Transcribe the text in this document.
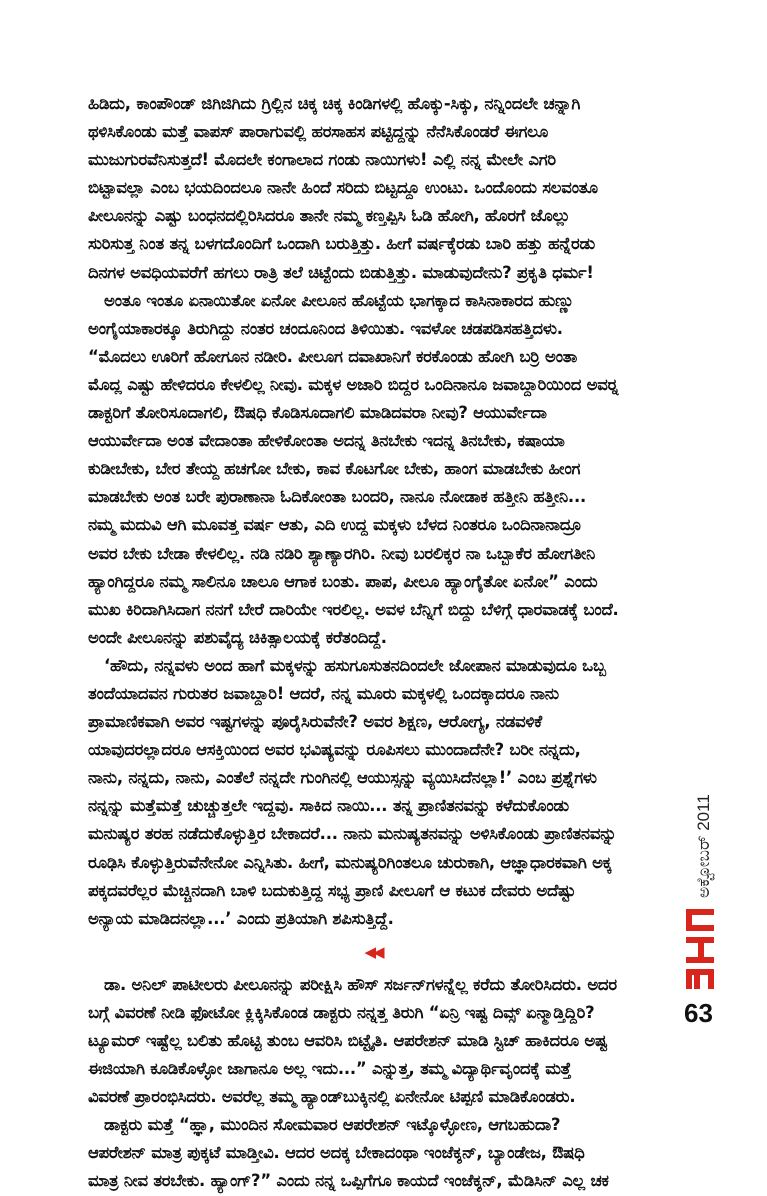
ಹಿಡಿದು, ಕಾಂಪೌಂಡ್ ಜಿಗಿಜಿಗಿದು ಗ್ರಿಲ್ಲಿನ ಚಿಕ್ಕ ಚಿಕ್ಕ ಕಿಂಡಿಗಳಲ್ಲಿ ಹೊಕ್ಕು-ಸಿಕ್ಕು, ನನ್ನಿಂದಲೇ ಚನ್ನಾಗಿ
ಥಳಿಸಿಕೊಂಡು ಮತ್ತೆ ವಾಪಸ್ ಪಾರಾಗುವಲ್ಲಿ ಹರಸಾಹಸ ಪಟ್ಟಿದ್ದನ್ನು ನೆನೆಸಿಕೊಂಡರೆ ಈಗಲೂ
ಮುಜುಗುರವೆನಿಸುತ್ತದೆ! ಮೊದಲೇ ಕಂಗಾಲಾದ ಗಂಡು ನಾಯಿಗಳು! ಎಲ್ಲಿ ನನ್ನ ಮೇಲೇ ಎಗರಿ
ಬಿಟ್ಟಾವಲ್ಲಾ ಎಂಬ ಭಯದಿಂದಲೂ ನಾನೇ ಹಿಂದೆ ಸರಿದು ಬಿಟ್ಟದ್ದೂ ಉಂಟು. ಒಂದೊಂದು ಸಲವಂತೂ
ಪೀಲೂನನ್ನು ಎಷ್ಟು ಬಂಧನದಲ್ಲಿರಿಸಿದರೂ ತಾನೇ ನಮ್ಮ ಕಣ್ತಪ್ಪಿಸಿ ಓಡಿ ಹೋಗಿ, ಹೊರಗೆ ಜೊಲ್ಲು
ಸುರಿಸುತ್ತ ನಿಂತ ತನ್ನ ಬಳಗದೊಂದಿಗೆ ಒಂದಾಗಿ ಬರುತ್ತಿತ್ತು. ಹೀಗೆ ವರ್ಷಕ್ಕೆರಡು ಬಾರಿ ಹತ್ತು ಹನ್ನೆರಡು
ದಿನಗಳ ಅವಧಿಯವರೆಗೆ ಹಗಲು ರಾತ್ರಿ ತಲೆ ಚಿಟ್ಟೆಂದು ಬಿಡುತ್ತಿತ್ತು. ಮಾಡುವುದೇನು? ಪ್ರಕೃತಿ ಧರ್ಮ!
ಅಂತೂ ಇಂತೂ ಏನಾಯಿತೋ ಏನೋ ಪೀಲೂನ ಹೊಟ್ಟೆಯ ಭಾಗಕ್ಕಾದ ಕಾಸಿನಾಕಾರದ ಹುಣ್ಣು
ಅಂಗೈಯಾಕಾರಕ್ಕೂ ತಿರುಗಿದ್ದು ನಂತರ ಚಂದೂನಿಂದ ತಿಳಿಯಿತು. ಇವಳೋ ಚಡಪಡಿಸಹತ್ತಿದಳು.
“ಮೊದಲು ಊರಿಗೆ ಹೋಗೂನ ನಡೀರಿ. ಪೀಲೂಗ ದವಾಖಾನಿಗೆ ಕರಕೊಂಡು ಹೋಗಿ ಬರ್ರಿ ಅಂತಾ
ಮೊದ್ಲ ಎಷ್ಟು ಹೇಳಿದರೂ ಕೇಳಲಿಲ್ಲ ನೀವು. ಮಕ್ಕಳ ಅಜಾರಿ ಬಿದ್ದರ ಒಂದಿನಾನೂ ಜವಾಬ್ದಾರಿಯಿಂದ ಅವರ್‍ನ
ಡಾಕ್ಟರಿಗೆ ತೋರಿಸೂದಾಗಲಿ, ಔಷಧಿ ಕೊಡಿಸೂದಾಗಲಿ ಮಾಡಿದವರಾ ನೀವು? ಆಯುರ್ವೇದಾ
ಆಯುರ್ವೇದಾ ಅಂತ ವೇದಾಂತಾ ಹೇಳಿಕೋಂತಾ ಅದನ್ನ ತಿನಬೇಕು ಇದನ್ನ ತಿನಬೇಕು, ಕಷಾಯಾ
ಕುಡೀಬೇಕು, ಬೇರ ತೇಯ್ದ ಹಚಗೋ ಬೇಕು, ಕಾವ ಕೊಟಗೋ ಬೇಕು, ಹಾಂಗ ಮಾಡಬೇಕು ಹೀಂಗ
ಮಾಡಬೇಕು ಅಂತ ಬರೇ ಪುರಾಣಾನಾ ಓದಿಕೋಂತಾ ಬಂದರಿ, ನಾನೂ ನೋಡಾಕ ಹತ್ತೀನಿ ಹತ್ತೀನಿ...
ನಮ್ಮ ಮದುವಿ ಆಗಿ ಮೂವತ್ತ ವರ್ಷ ಆತು, ಎದಿ ಉದ್ದ ಮಕ್ಕಳು ಬೆಳದ ನಿಂತರೂ ಒಂದಿನಾನಾದ್ರೂ
ಅವರ ಬೇಕು ಬೇಡಾ ಕೇಳಲಿಲ್ಲ. ನಡಿ ನಡಿರಿ ಶ್ಯಾಣ್ಯಾರಗಿರಿ. ನೀವು ಬರಲಿಕ್ಕರ ನಾ ಒಬ್ಬಾಕೆರ ಹೋಗತೀನಿ
ಹ್ಯಾಂಗಿದ್ದರೂ ನಮ್ಮ ಸಾಲಿನೂ ಚಾಲೂ ಆಗಾಕ ಬಂತು. ಪಾಪ, ಪೀಲೂ ಹ್ಯಾಂಗೈತೋ ಏನೋ” ಎಂದು
ಮುಖ ಕಿರಿದಾಗಿಸಿದಾಗ ನನಗೆ ಬೇರೆ ದಾರಿಯೇ ಇರಲಿಲ್ಲ. ಅವಳ ಬೆನ್ನಿಗೆ ಬಿದ್ದು ಬೆಳಿಗ್ಗೆ ಧಾರವಾಡಕ್ಕೆ ಬಂದೆ.
ಅಂದೇ ಪೀಲೂನನ್ನು ಪಶುವೈದ್ಯ ಚಿಕಿತ್ಸಾಲಯಕ್ಕೆ ಕರೆತಂದಿದ್ದೆ.
‘ಹೌದು, ನನ್ನವಳು ಅಂದ ಹಾಗೆ ಮಕ್ಕಳನ್ನು ಹಸುಗೂಸುತನದಿಂದಲೇ ಜೋಪಾನ ಮಾಡುವುದೂ ಒಬ್ಬ
ತಂದೆಯಾದವನ ಗುರುತರ ಜವಾಬ್ದಾರಿ! ಆದರೆ, ನನ್ನ ಮೂರು ಮಕ್ಕಳಲ್ಲಿ ಒಂದಕ್ಕಾದರೂ ನಾನು
ಪ್ರಾಮಾಣಿಕವಾಗಿ ಅವರ ಇಷ್ಟಗಳನ್ನು ಪೂರೈಸಿರುವೆನೇ? ಅವರ ಶಿಕ್ಷಣ, ಆರೋಗ್ಯ, ನಡವಳಿಕೆ
ಯಾವುದರಲ್ಲಾದರೂ ಆಸಕ್ತಿಯಿಂದ ಅವರ ಭವಿಷ್ಯವನ್ನು ರೂಪಿಸಲು ಮುಂದಾದೆನೇ? ಬರೀ ನನ್ನದು,
ನಾನು, ನನ್ನದು, ನಾನು, ಎಂತೆಲೆ ನನ್ನದೇ ಗುಂಗಿನಲ್ಲಿ ಆಯುಸ್ಸನ್ನು ವ್ಯಯಿಸಿದೆನಲ್ಲಾ!’ ಎಂಬ ಪ್ರಶ್ನೆಗಳು
ನನ್ನನ್ನು ಮತ್ತೆಮತ್ತೆ ಚುಚ್ಚುತ್ತಲೇ ಇದ್ದವು. ಸಾಕಿದ ನಾಯಿ... ತನ್ನ ಪ್ರಾಣಿತನವನ್ನು ಕಳೆದುಕೊಂಡು
ಮನುಷ್ಯರ ತರಹ ನಡೆದುಕೊಳ್ಳುತ್ತಿರ ಬೇಕಾದರೆ... ನಾನು ಮನುಷ್ಯತನವನ್ನು ಅಳಿಸಿಕೊಂಡು ಪ್ರಾಣಿತನವನ್ನು
ರೂಢಿಸಿ ಕೊಳ್ಳುತ್ತಿರುವೆನೇನೋ ಎನ್ನಿಸಿತು. ಹೀಗೆ, ಮನುಷ್ಯರಿಗಿಂತಲೂ ಚುರುಕಾಗಿ, ಆಜ್ಞಾಧಾರಕವಾಗಿ ಅಕ್ಕ
ಪಕ್ಕದವರೆಲ್ಲರ ಮೆಚ್ಚಿನದಾಗಿ ಬಾಳಿ ಬದುಕುತ್ತಿದ್ದ ಸಭ್ಯ ಪ್ರಾಣಿ ಪೀಲೂಗೆ ಆ ಕಟುಕ ದೇವರು ಅದೆಷ್ಟು
ಅನ್ಯಾಯ ಮಾಡಿದನಲ್ಲಾ...’ ಎಂದು ಪ್ರತಿಯಾಗಿ ಶಪಿಸುತ್ತಿದ್ದೆ.
◀◀
ಡಾ. ಅನಿಲ್ ಪಾಟೀಲರು ಪೀಲೂನನ್ನು ಪರೀಕ್ಷಿಸಿ ಹೌಸ್ ಸರ್ಜನ್‌ಗಳನ್ನೆಲ್ಲ ಕರೆದು ತೋರಿಸಿದರು. ಅದರ
ಬಗ್ಗೆ ವಿವರಣೆ ನೀಡಿ ಫೋಟೋ ಕ್ಲಿಕ್ಕಿಸಿಕೊಂಡ ಡಾಕ್ಟರು ನನ್ನತ್ತ ತಿರುಗಿ “ಏನ್ರಿ ಇಷ್ಟ ದಿವ್ಸ್ ಏನ್ಮಾಡ್ತಿದ್ದಿರಿ?
ಟ್ಯೂಮರ್ ಇಷ್ಟೆಲ್ಲ ಬಲಿತು ಹೊಟ್ಟಿ ತುಂಬ ಆವರಿಸಿ ಬಿಟ್ಟೈತಿ. ಆಪರೇಶನ್ ಮಾಡಿ ಸ್ಟಿಚ್ ಹಾಕಿದರೂ ಅಷ್ಟ
ಈಜಿಯಾಗಿ ಕೂಡಿಕೊಳ್ಳೋ ಜಾಗಾನೂ ಅಲ್ಲ ಇದು...” ಎನ್ನುತ್ತ, ತಮ್ಮ ವಿದ್ಯಾರ್ಥಿವೃಂದಕ್ಕೆ ಮತ್ತೆ
ವಿವರಣೆ ಪ್ರಾರಂಭಿಸಿದರು. ಅವರೆಲ್ಲ ತಮ್ಮ ಹ್ಯಾಂಡ್‌ಬುಕ್ಕಿನಲ್ಲಿ ಏನೇನೋ ಟಿಪ್ಪಣಿ ಮಾಡಿಕೊಂಡರು.
ಡಾಕ್ಟರು ಮತ್ತೆ “ಹ್ಞಾ, ಮುಂದಿನ ಸೋಮವಾರ ಆಪರೇಶನ್ ಇಟ್ಕೊಳ್ಳೋಣ, ಆಗಬಹುದಾ?
ಆಪರೇಶನ್ ಮಾತ್ರ ಪುಕ್ಕಟೆ ಮಾಡ್ತೀವಿ. ಆದರ ಅದಕ್ಕ ಬೇಕಾದಂಥಾ ಇಂಜೆಕ್ಶನ್, ಬ್ಯಾಂಡೇಜ, ಔಷಧಿ
ಮಾತ್ರ ನೀವ ತರಬೇಕು. ಹ್ಯಾಂಗ್?” ಎಂದು ನನ್ನ ಒಪ್ಪಿಗೆಗೂ ಕಾಯದೆ ಇಂಜೆಕ್ಶನ್, ಮೆಡಿಸಿನ್ ಎಲ್ಲ ಚಕ
ಅಕ್ಟೋಬರ್ 2011
63
